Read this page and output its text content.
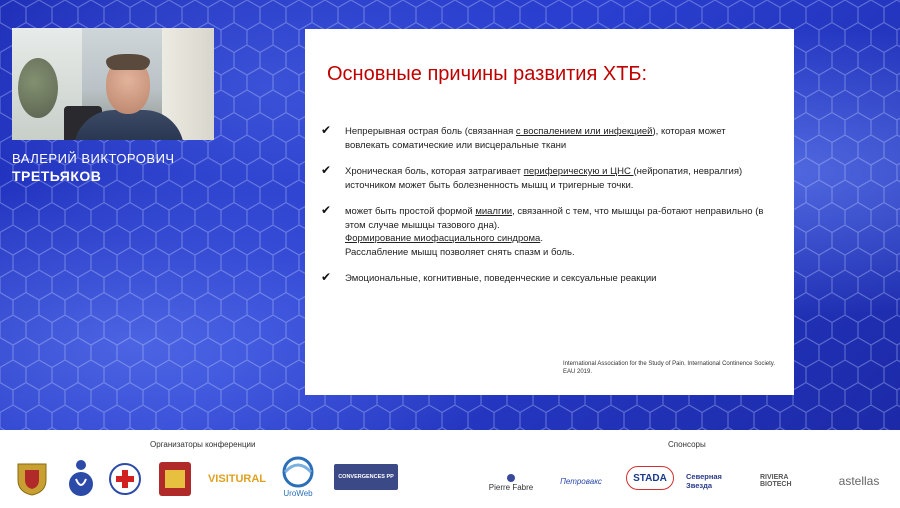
ВАЛЕРИЙ ВИКТОРОВИЧ
ТРЕТЬЯКОВ
Основные причины развития ХТБ:
✔ Непрерывная острая боль (связанная с воспалением или инфекцией), которая может вовлекать соматические или висцеральные ткани
✔ Хроническая боль, которая затрагивает периферическую и ЦНС (нейропатия, невралгия) источником может быть болезненность мышц и тригерные точки.
✔ может быть простой формой миалгии, связанной с тем, что мышцы ра-ботают неправильно (в этом случае мышцы тазового дна).
Формирование миофасциального синдрома.
Расслабление мышц позволяет снять спазм и боль.
✔ Эмоциональные, когнитивные, поведенческие и сексуальные реакции
International Association for the Study of Pain. International Continence Society.
EAU 2019.
Организаторы конференции	Спонсоры
VISITURAL
UroWeb
CONVERGENCES PP
Pierre Fabre
Петровакс	STADA	Северная Звезда
RIVIERA BIOTECH	astellas
